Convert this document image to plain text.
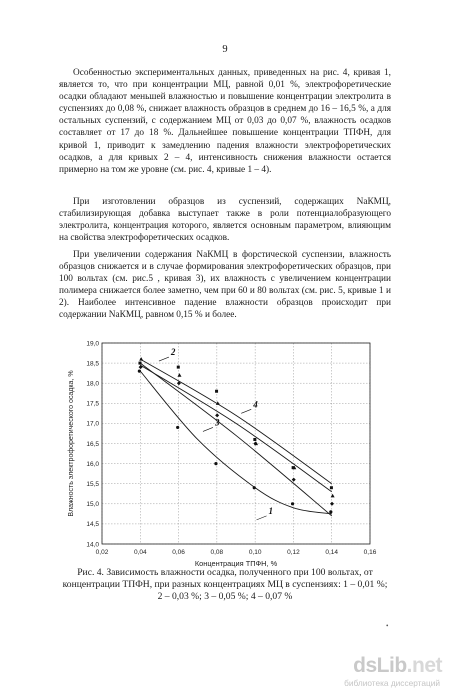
9

Особенностью экспериментальных данных, приведенных на рис. 4, кривая 1, является то, что при концентрации МЦ, равной 0,01 %, электрофоретические осадки обладают меньшей влажностью и повышение концентрации электролита в суспензиях до 0,08 %, снижает влажность образцов в среднем до 16 – 16,5 %, а для остальных суспензий, с содержанием МЦ от 0,03 до 0,07 %, влажность осадков составляет от 17 до 18 %. Дальнейшее повышение концентрации ТПФН, для кривой 1, приводит к замедлению падения влажности электрофоретических осадков, а для кривых 2 – 4, интенсивность снижения влажности остается примерно на том же уровне (см. рис. 4, кривые 1 – 4).

При изготовлении образцов из суспензий, содержащих NaКМЦ, стабилизирующая добавка выступает также в роли потенциалобразующего электролита, концентрация которого, является основным параметром, влияющим на свойства электрофоретических осадков.

При увеличении содержания NaКМЦ в форстической суспензии, влажность образцов снижается и в случае формирования электрофоретических образцов, при 100 вольтах (см. рис.5 , кривая 3), их влажность с увеличением концентрации полимера снижается более заметно, чем при 60 и 80 вольтах (см. рис. 5, кривые 1 и 2). Наиболее интенсивное падение влажности образцов происходит при содержании NaКМЦ, равном 0,15 % и более.

0,02	0,04	0,06	0,08	0,10	0,12	0,14	0,16
14,0
14,5
15,0
15,5
16,0
16,5
17,0
17,5
18,0
18,5
19,0
Концентрация ТПФН, %
Влажность электрофоретического осадка, %
2
4
3
1

Рис. 4. Зависимость влажности осадка, полученного при 100 вольтах, от концентрации ТПФН, при разных концентрациях МЦ в суспензиях: 1 – 0,01 %; 2 – 0,03 %; 3 – 0,05 %; 4 – 0,07 %

•
dsLib.net
библиотека диссертаций
